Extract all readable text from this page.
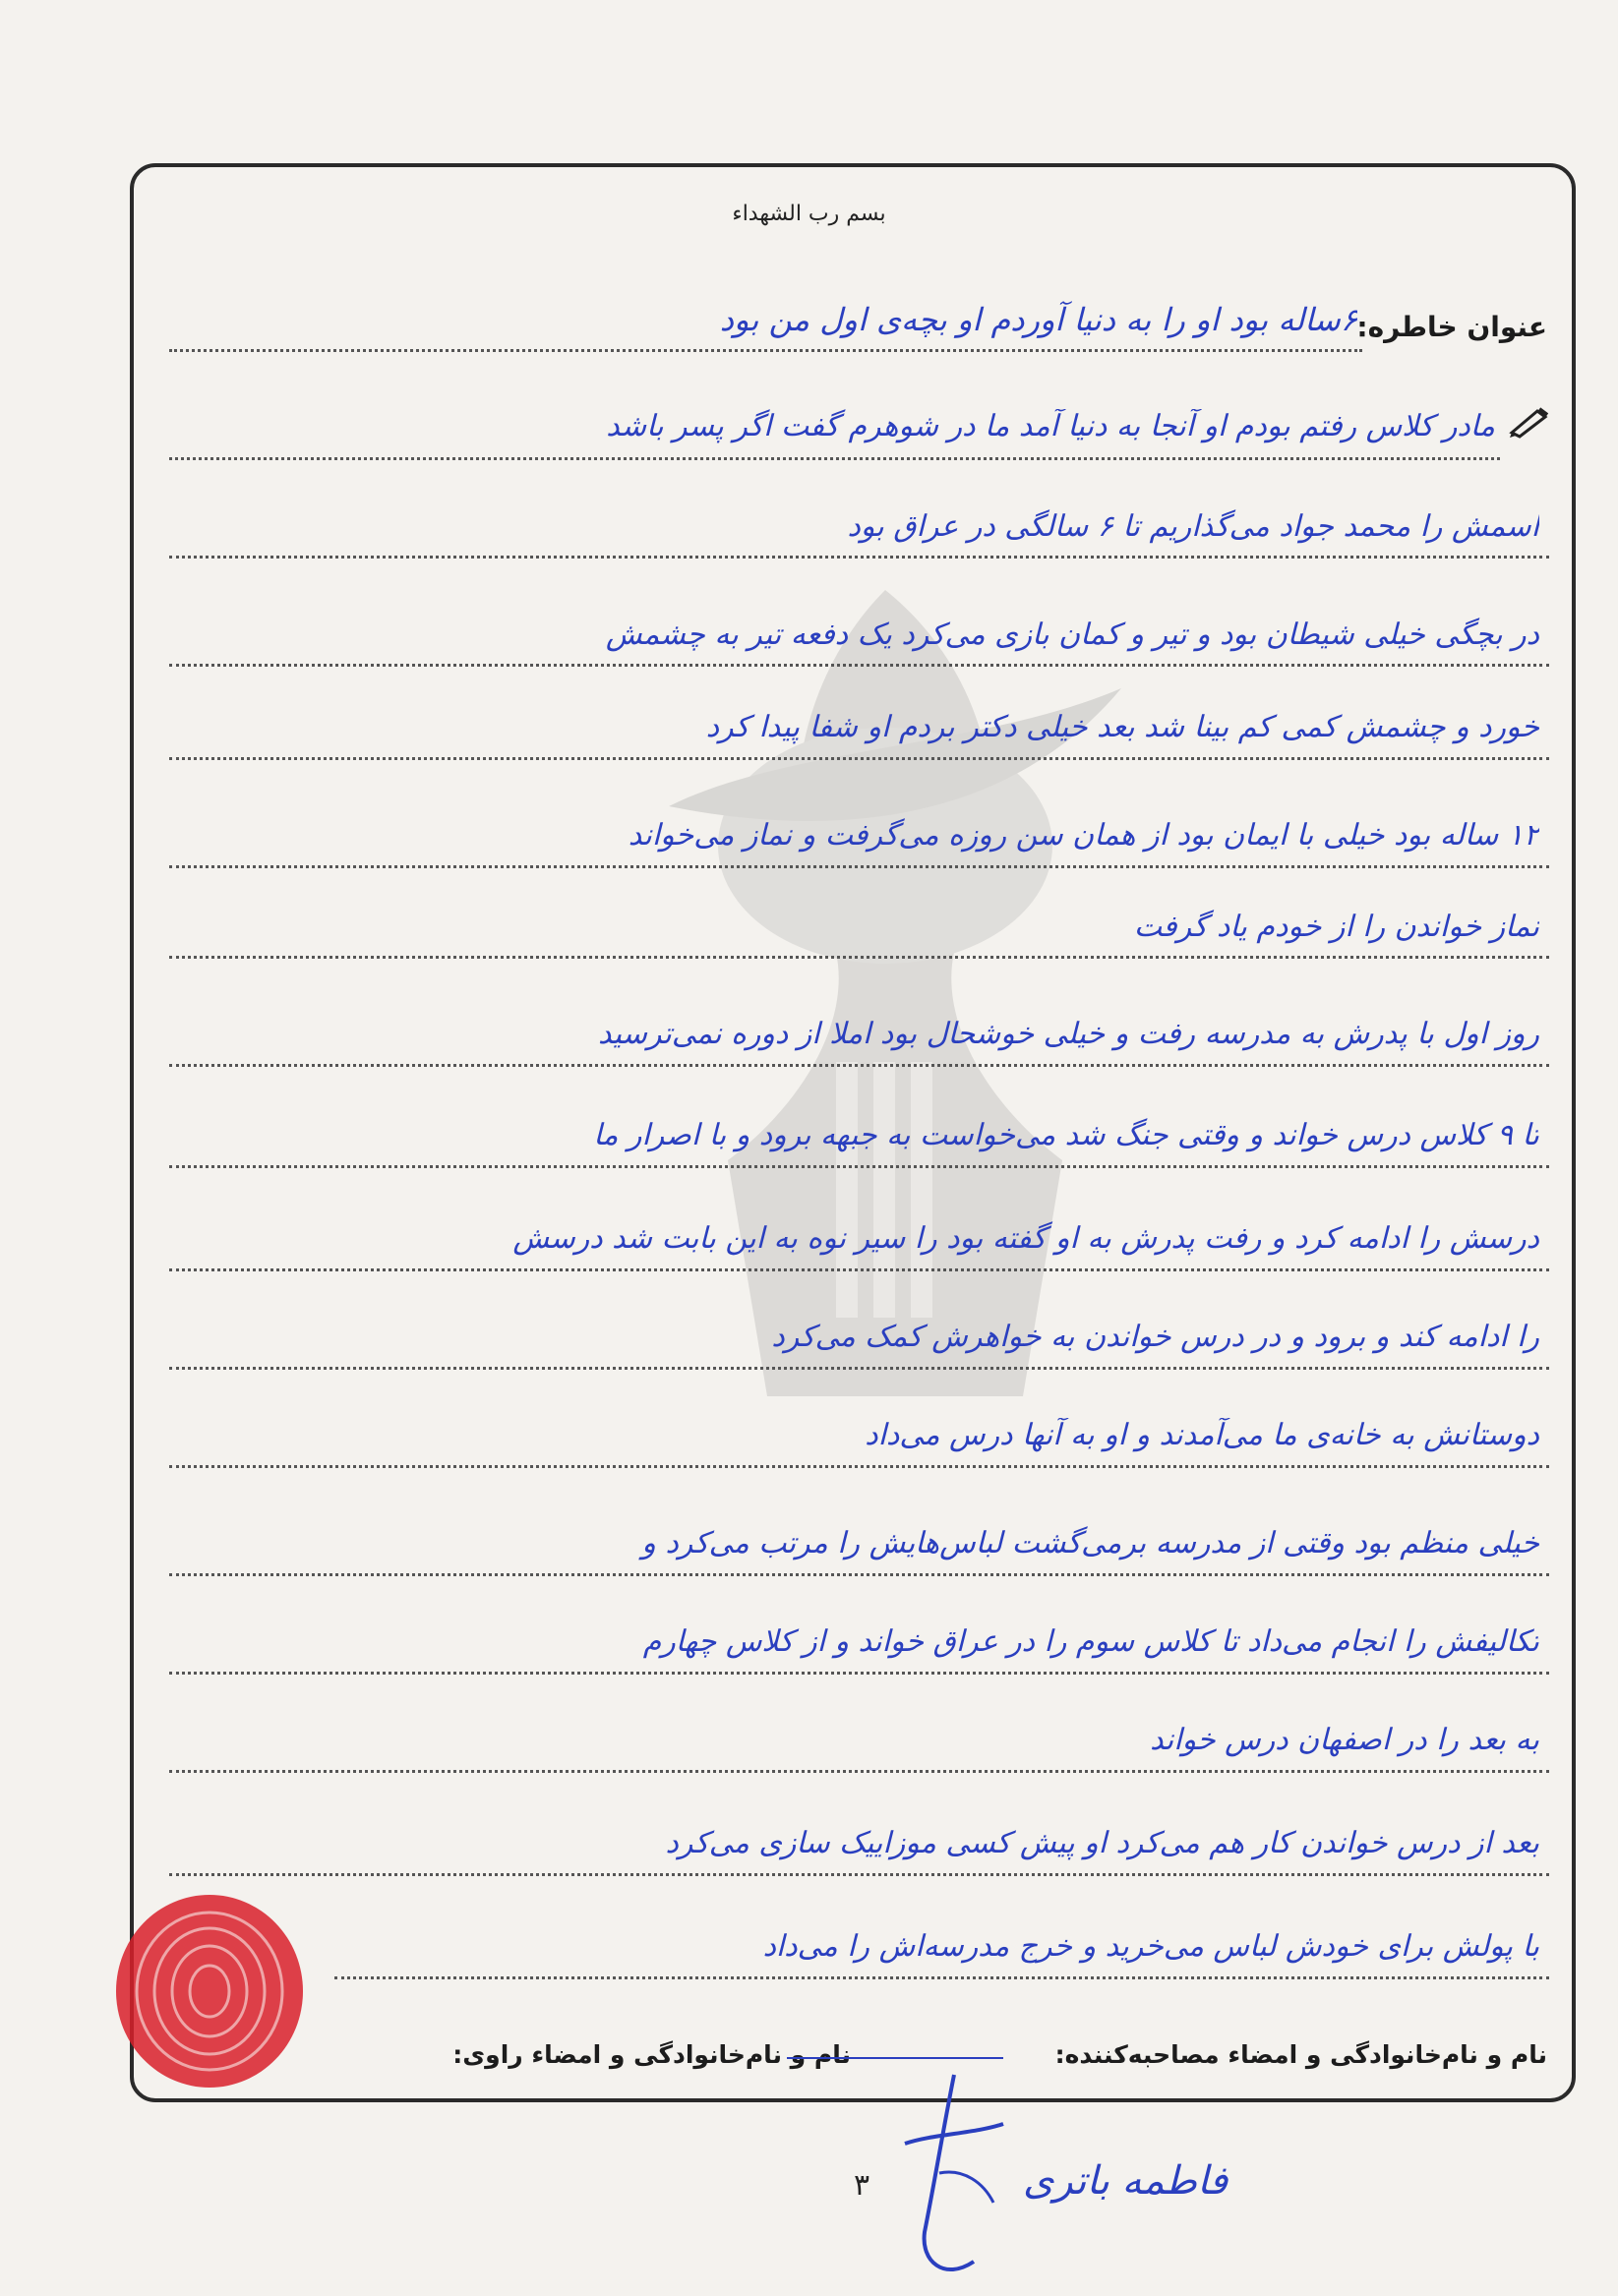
بسم رب الشهداء
عنوان خاطره:
۶ساله بود او را به دنیا آوردم او بچه‌ی اول من بود
مادر کلاس رفتم بودم او آنجا به دنیا آمد ما در شوهرم گفت اگر پسر باشد
اسمش را محمد جواد می‌گذاریم تا ۶ سالگی در عراق بود
در بچگی خیلی شیطان بود و تیر و کمان بازی می‌کرد یک دفعه تیر به چشمش
خورد و چشمش کمی کم بینا شد بعد خیلی دکتر بردم او شفا پیدا کرد
۱۲ ساله بود خیلی با ایمان بود از همان سن روزه می‌گرفت و نماز می‌خواند
نماز خواندن را از خودم یاد گرفت
روز اول با پدرش به مدرسه رفت و خیلی خوشحال بود املا از دوره نمی‌ترسید
تا ۹ کلاس درس خواند و وقتی جنگ شد می‌خواست به جبهه برود و با اصرار ما
درسش را ادامه کرد و رفت پدرش به او گفته بود را سیر نوه به این بابت شد درسش
را ادامه کند و برود و در درس خواندن به خواهرش کمک می‌کرد
دوستانش به خانه‌ی ما می‌آمدند و او به آنها درس می‌داد
خیلی منظم بود وقتی از مدرسه برمی‌گشت لباس‌هایش را مرتب می‌کرد و
تکالیفش را انجام می‌داد تا کلاس سوم را در عراق خواند و از کلاس چهارم
به بعد را در اصفهان درس خواند
بعد از درس خواندن کار هم می‌کرد او پیش کسی موزاییک سازی می‌کرد
با پولش برای خودش لباس می‌خرید و خرج مدرسه‌اش را می‌داد
نام و نام‌خانوادگی و امضاء مصاحبه‌کننده:
نام و نام‌خانوادگی و امضاء راوی:
۳	فاطمه باتری
